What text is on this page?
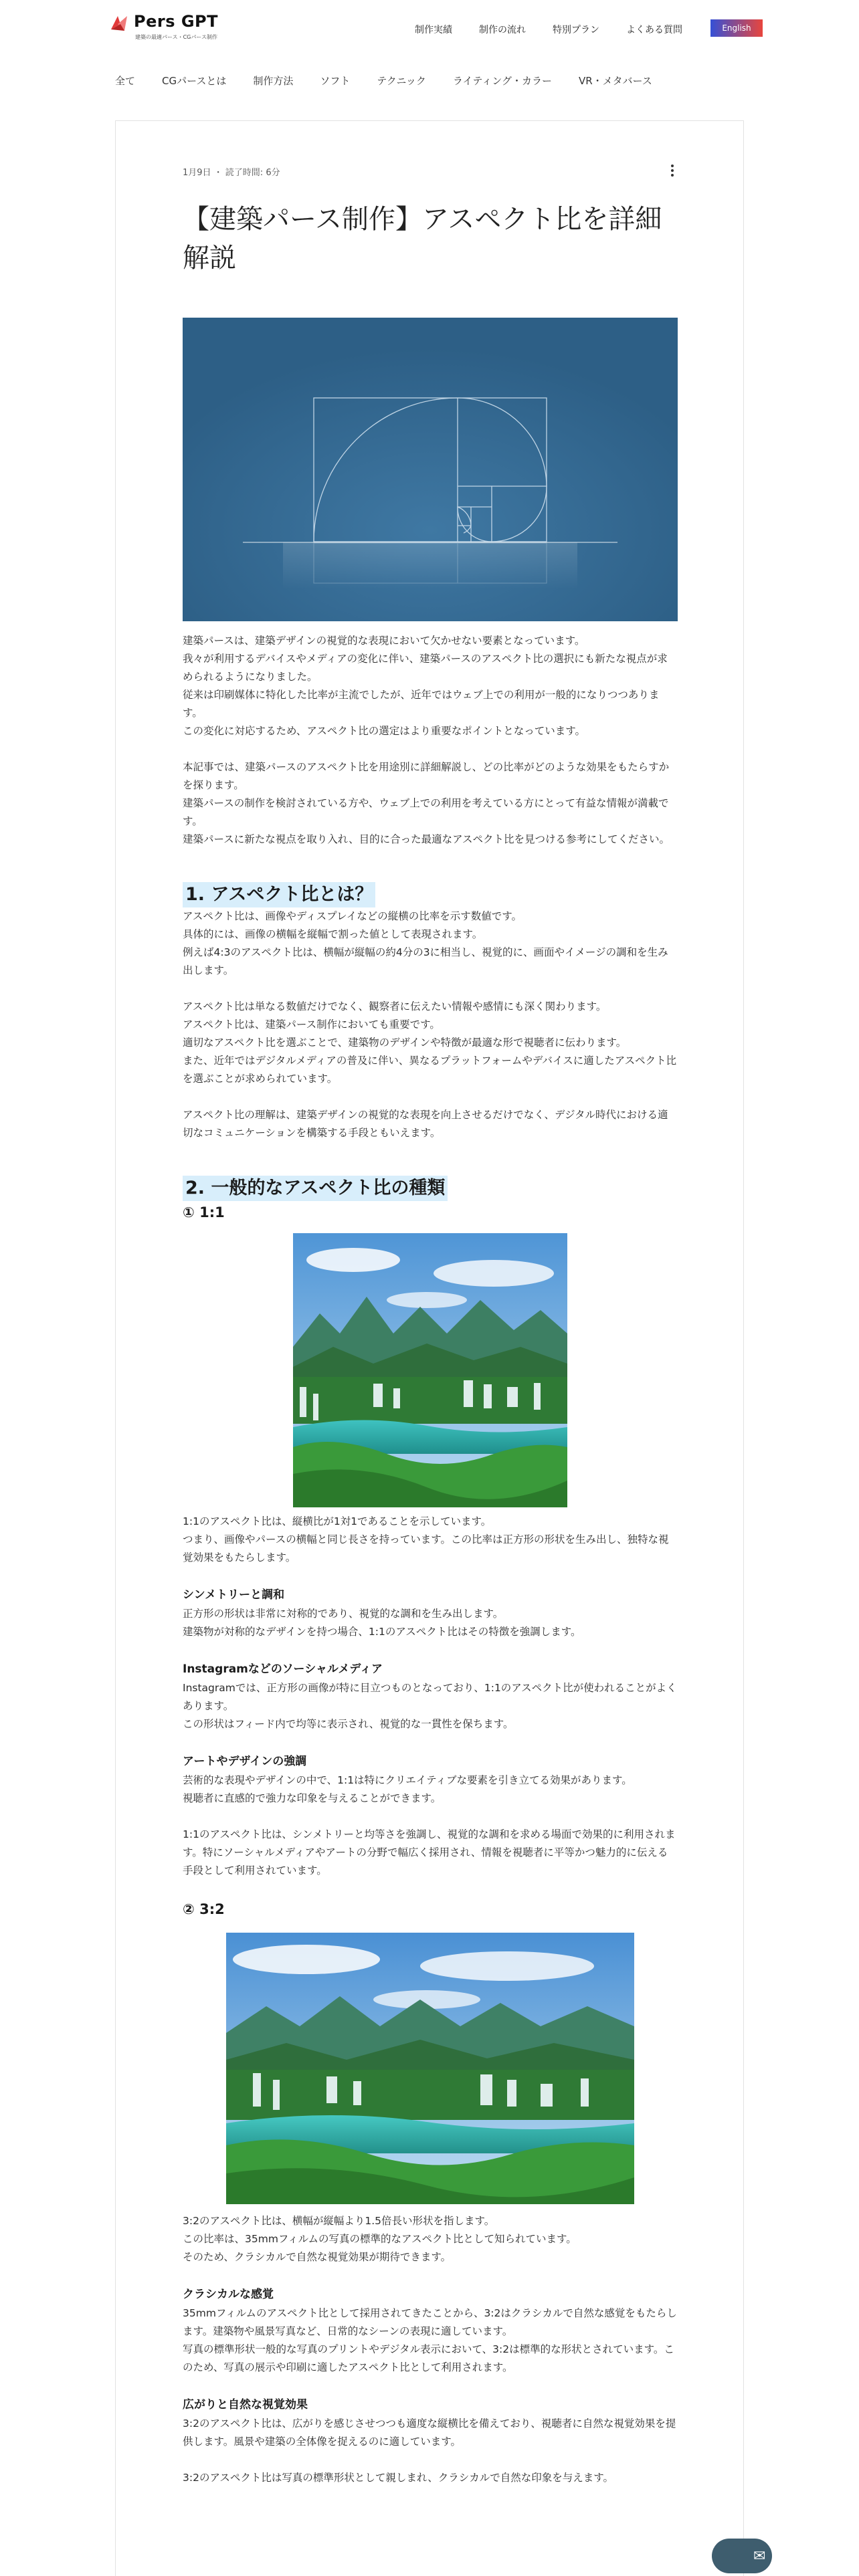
Pers GPT
建築の最適パース・CGパース制作
制作実績	制作の流れ	特別プラン	よくある質問	English
全て	CGパースとは	制作方法	ソフト	テクニック	ライティング・カラー	VR・メタバース
1月9日 ・ 読了時間: 6分
【建築パース制作】アスペクト比を詳細解説
建築パースは、建築デザインの視覚的な表現において欠かせない要素となっています。
我々が利用するデバイスやメディアの変化に伴い、建築パースのアスペクト比の選択にも新たな視点が求められるようになりました。
従来は印刷媒体に特化した比率が主流でしたが、近年ではウェブ上での利用が一般的になりつつあります。
この変化に対応するため、アスペクト比の選定はより重要なポイントとなっています。
本記事では、建築パースのアスペクト比を用途別に詳細解説し、どの比率がどのような効果をもたらすかを探ります。
建築パースの制作を検討されている方や、ウェブ上での利用を考えている方にとって有益な情報が満載です。
建築パースに新たな視点を取り入れ、目的に合った最適なアスペクト比を見つける参考にしてください。
1. アスペクト比とは？
アスペクト比は、画像やディスプレイなどの縦横の比率を示す数値です。
具体的には、画像の横幅を縦幅で割った値として表現されます。
例えば4:3のアスペクト比は、横幅が縦幅の約4分の3に相当し、視覚的に、画面やイメージの調和を生み出します。
アスペクト比は単なる数値だけでなく、観察者に伝えたい情報や感情にも深く関わります。
アスペクト比は、建築パース制作においても重要です。
適切なアスペクト比を選ぶことで、建築物のデザインや特徴が最適な形で視聴者に伝わります。
また、近年ではデジタルメディアの普及に伴い、異なるプラットフォームやデバイスに適したアスペクト比を選ぶことが求められています。
アスペクト比の理解は、建築デザインの視覚的な表現を向上させるだけでなく、デジタル時代における適切なコミュニケーションを構築する手段ともいえます。
2. 一般的なアスペクト比の種類
① 1:1
1:1のアスペクト比は、縦横比が1対1であることを示しています。
つまり、画像やパースの横幅と同じ長さを持っています。この比率は正方形の形状を生み出し、独特な視覚効果をもたらします。
シンメトリーと調和
正方形の形状は非常に対称的であり、視覚的な調和を生み出します。
建築物が対称的なデザインを持つ場合、1:1のアスペクト比はその特徴を強調します。
Instagramなどのソーシャルメディア
Instagramでは、正方形の画像が特に目立つものとなっており、1:1のアスペクト比が使われることがよくあります。
この形状はフィード内で均等に表示され、視覚的な一貫性を保ちます。
アートやデザインの強調
芸術的な表現やデザインの中で、1:1は特にクリエイティブな要素を引き立てる効果があります。
視聴者に直感的で強力な印象を与えることができます。
1:1のアスペクト比は、シンメトリーと均等さを強調し、視覚的な調和を求める場面で効果的に利用されます。特にソーシャルメディアやアートの分野で幅広く採用され、情報を視聴者に平等かつ魅力的に伝える手段として利用されています。
② 3:2
3:2のアスペクト比は、横幅が縦幅より1.5倍長い形状を指します。
この比率は、35mmフィルムの写真の標準的なアスペクト比として知られています。
そのため、クラシカルで自然な視覚効果が期待できます。
クラシカルな感覚
35mmフィルムのアスペクト比として採用されてきたことから、3:2はクラシカルで自然な感覚をもたらします。建築物や風景写真など、日常的なシーンの表現に適しています。
写真の標準形状一般的な写真のプリントやデジタル表示において、3:2は標準的な形状とされています。このため、写真の展示や印刷に適したアスペクト比として利用されます。
広がりと自然な視覚効果
3:2のアスペクト比は、広がりを感じさせつつも適度な縦横比を備えており、視聴者に自然な視覚効果を提供します。風景や建築の全体像を捉えるのに適しています。
3:2のアスペクト比は写真の標準形状として親しまれ、クラシカルで自然な印象を与えます。
✉
